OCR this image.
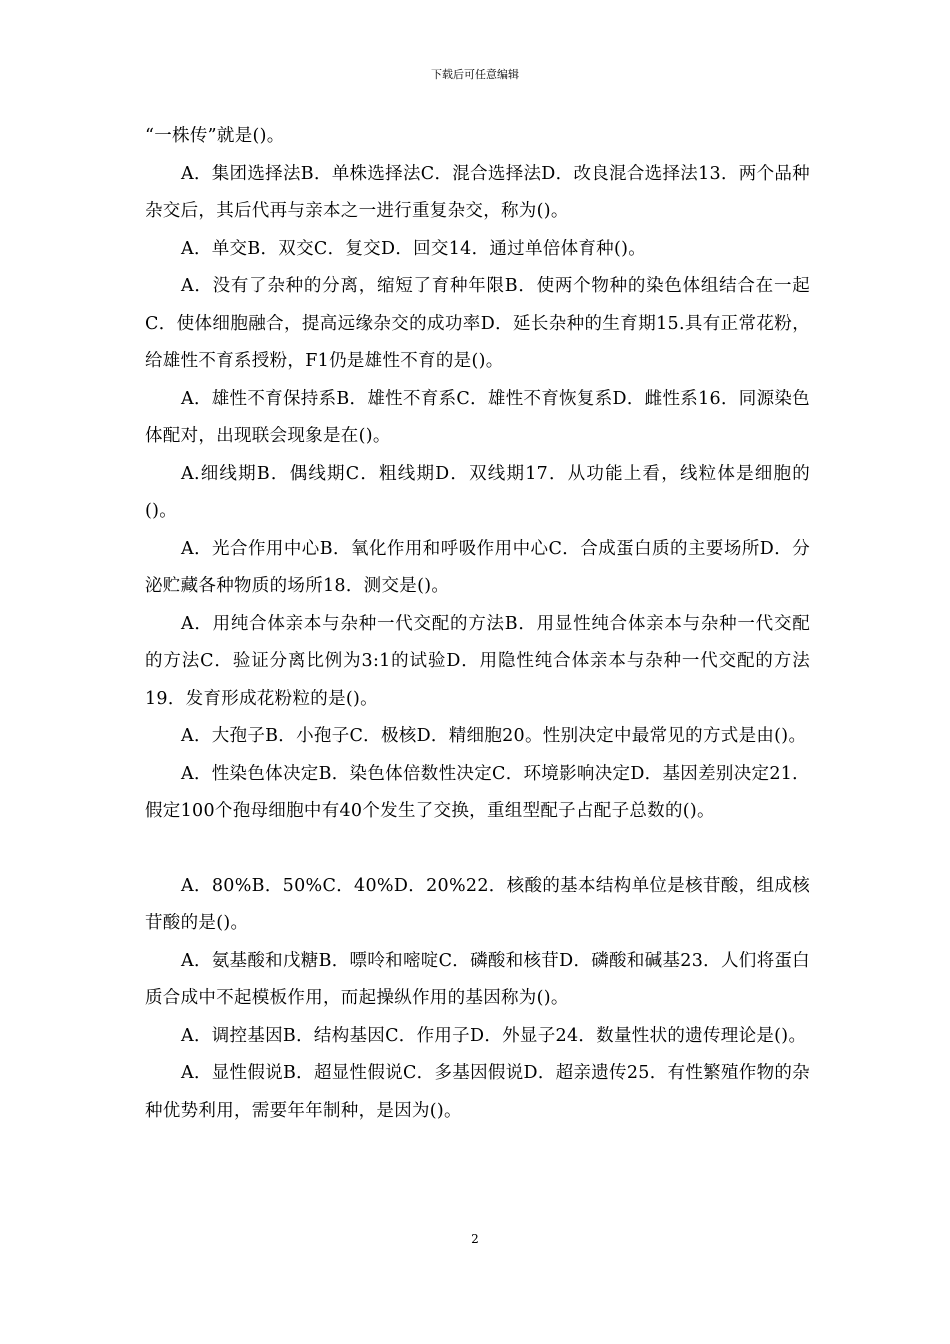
下载后可任意编辑

“一株传”就是()。

A．集团选择法B．单株选择法C．混合选择法D．改良混合选择法13．两个品种杂交后，其后代再与亲本之一进行重复杂交，称为()。

A．单交B．双交C．复交D．回交14．通过单倍体育种()。

A．没有了杂种的分离，缩短了育种年限B．使两个物种的染色体组结合在一起C．使体细胞融合，提高远缘杂交的成功率D．延长杂种的生育期15.具有正常花粉，给雄性不育系授粉，F1仍是雄性不育的是()。

A．雄性不育保持系B．雄性不育系C．雄性不育恢复系D．雌性系16．同源染色体配对，出现联会现象是在()。

A.细线期B．偶线期C．粗线期D．双线期17．从功能上看，线粒体是细胞的()。

A．光合作用中心B．氧化作用和呼吸作用中心C．合成蛋白质的主要场所D．分泌贮藏各种物质的场所18．测交是()。

A．用纯合体亲本与杂种一代交配的方法B．用显性纯合体亲本与杂种一代交配的方法C．验证分离比例为3:1的试验D．用隐性纯合体亲本与杂种一代交配的方法19．发育形成花粉粒的是()。

A．大孢子B．小孢子C．极核D．精细胞20。性别决定中最常见的方式是由()。

A．性染色体决定B．染色体倍数性决定C．环境影响决定D．基因差别决定21．假定100个孢母细胞中有40个发生了交换，重组型配子占配子总数的()。

A．80%B．50%C．40%D．20%22．核酸的基本结构单位是核苷酸，组成核苷酸的是()。

A．氨基酸和戊糖B．嘌呤和嘧啶C．磷酸和核苷D．磷酸和碱基23．人们将蛋白质合成中不起模板作用，而起操纵作用的基因称为()。

A．调控基因B．结构基因C．作用子D．外显子24．数量性状的遗传理论是()。

A．显性假说B．超显性假说C．多基因假说D．超亲遗传25．有性繁殖作物的杂种优势利用，需要年年制种，是因为()。

2
